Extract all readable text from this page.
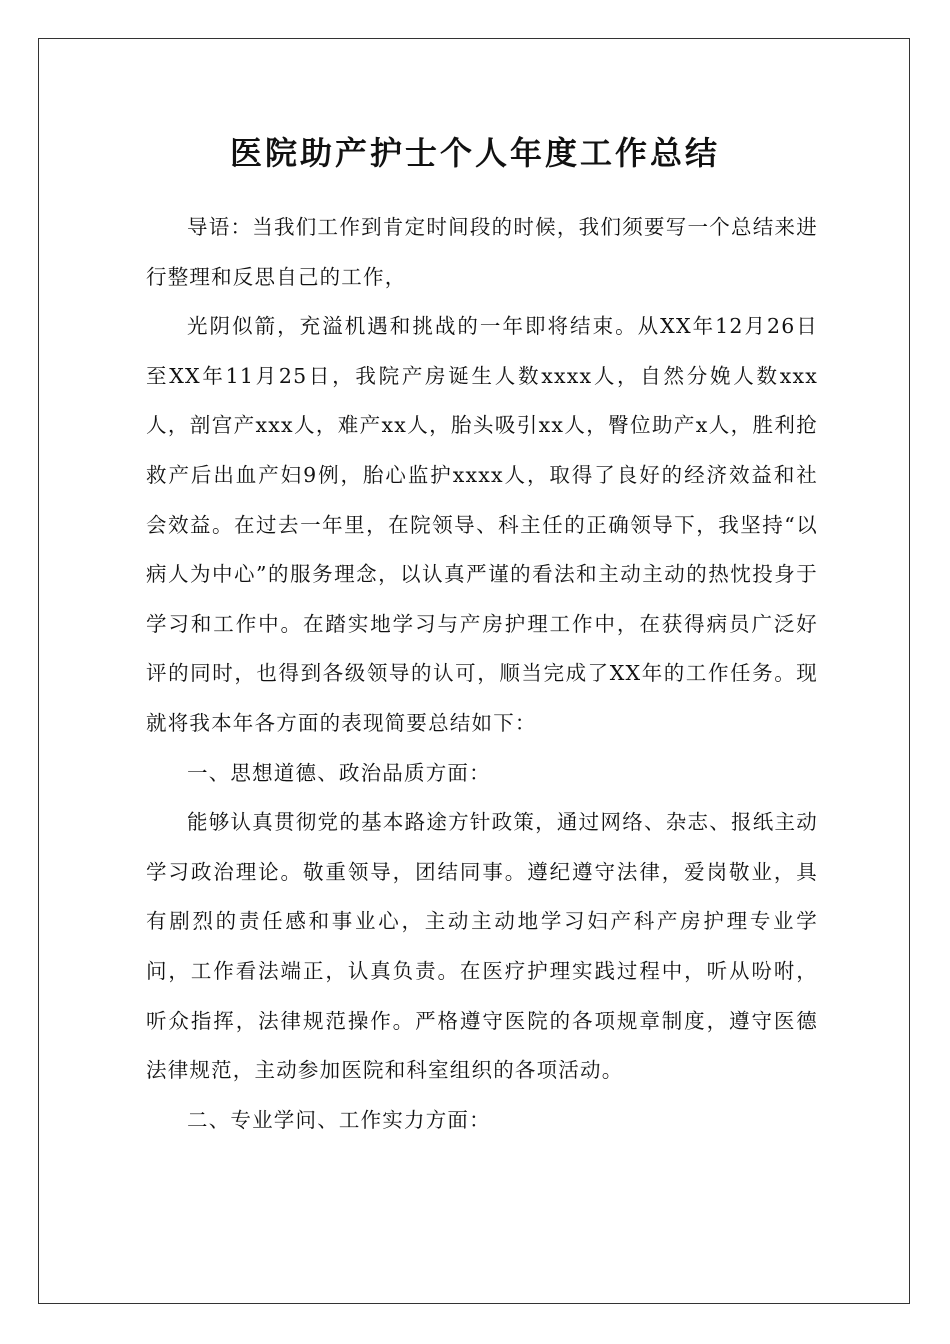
医院助产护士个人年度工作总结

导语：当我们工作到肯定时间段的时候，我们须要写一个总结来进行整理和反思自己的工作，

光阴似箭，充溢机遇和挑战的一年即将结束。从XX年12月26日至XX年11月25日，我院产房诞生人数xxxx人，自然分娩人数xxx人，剖宫产xxx人，难产xx人，胎头吸引xx人，臀位助产x人，胜利抢救产后出血产妇9例，胎心监护xxxx人，取得了良好的经济效益和社会效益。在过去一年里，在院领导、科主任的正确领导下，我坚持“以病人为中心”的服务理念，以认真严谨的看法和主动主动的热忱投身于学习和工作中。在踏实地学习与产房护理工作中，在获得病员广泛好评的同时，也得到各级领导的认可，顺当完成了XX年的工作任务。现就将我本年各方面的表现简要总结如下：

一、思想道德、政治品质方面：

能够认真贯彻党的基本路途方针政策，通过网络、杂志、报纸主动学习政治理论。敬重领导，团结同事。遵纪遵守法律，爱岗敬业，具有剧烈的责任感和事业心，主动主动地学习妇产科产房护理专业学问，工作看法端正，认真负责。在医疗护理实践过程中，听从吩咐，听众指挥，法律规范操作。严格遵守医院的各项规章制度，遵守医德法律规范，主动参加医院和科室组织的各项活动。

二、专业学问、工作实力方面：
